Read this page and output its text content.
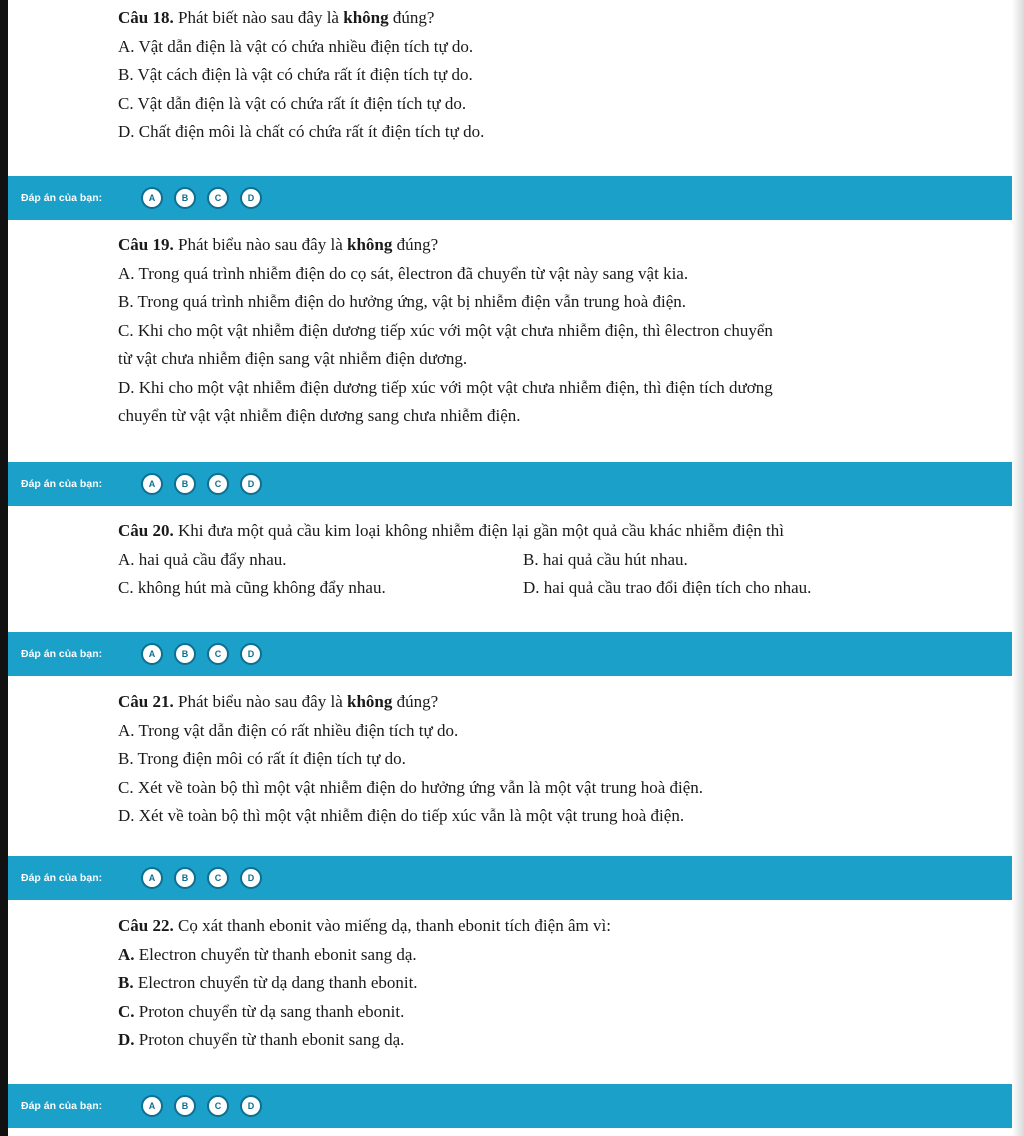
Câu 18. Phát biết nào sau đây là không đúng?

A. Vật dẫn điện là vật có chứa nhiều điện tích tự do.

B. Vật cách điện là vật có chứa rất ít điện tích tự do.

C. Vật dẫn điện là vật có chứa rất ít điện tích tự do.

D. Chất điện môi là chất có chứa rất ít điện tích tự do.

Đáp án của bạn:	A	B	C	D

Câu 19. Phát biểu nào sau đây là không đúng?

A. Trong quá trình nhiễm điện do cọ sát, êlectron đã chuyển từ vật này sang vật kia.

B. Trong quá trình nhiễm điện do hưởng ứng, vật bị nhiễm điện vẫn trung hoà điện.

C. Khi cho một vật nhiễm điện dương tiếp xúc với một vật chưa nhiễm điện, thì êlectron chuyển

từ vật chưa nhiễm điện sang vật nhiễm điện dương.

D. Khi cho một vật nhiễm điện dương tiếp xúc với một vật chưa nhiễm điện, thì điện tích dương

chuyển từ vật vật nhiễm điện dương sang chưa nhiễm điện.

Đáp án của bạn:	A	B	C	D

Câu 20. Khi đưa một quả cầu kim loại không nhiễm điện lại gần một quả cầu khác nhiễm điện thì

A. hai quả cầu đẩy nhau.	B. hai quả cầu hút nhau.

C. không hút mà cũng không đẩy nhau.	D. hai quả cầu trao đổi điện tích cho nhau.

Đáp án của bạn:	A	B	C	D

Câu 21. Phát biểu nào sau đây là không đúng?

A. Trong vật dẫn điện có rất nhiều điện tích tự do.

B. Trong điện môi có rất ít điện tích tự do.

C. Xét về toàn bộ thì một vật nhiễm điện do hưởng ứng vẫn là một vật trung hoà điện.

D. Xét về toàn bộ thì một vật nhiễm điện do tiếp xúc vẫn là một vật trung hoà điện.

Đáp án của bạn:	A	B	C	D

Câu 22. Cọ xát thanh ebonit vào miếng dạ, thanh ebonit tích điện âm vì:

A. Electron chuyển từ thanh ebonit sang dạ.

B. Electron chuyển từ dạ dang thanh ebonit.

C. Proton chuyển từ dạ sang thanh ebonit.

D. Proton chuyển từ thanh ebonit sang dạ.

Đáp án của bạn:	A	B	C	D
